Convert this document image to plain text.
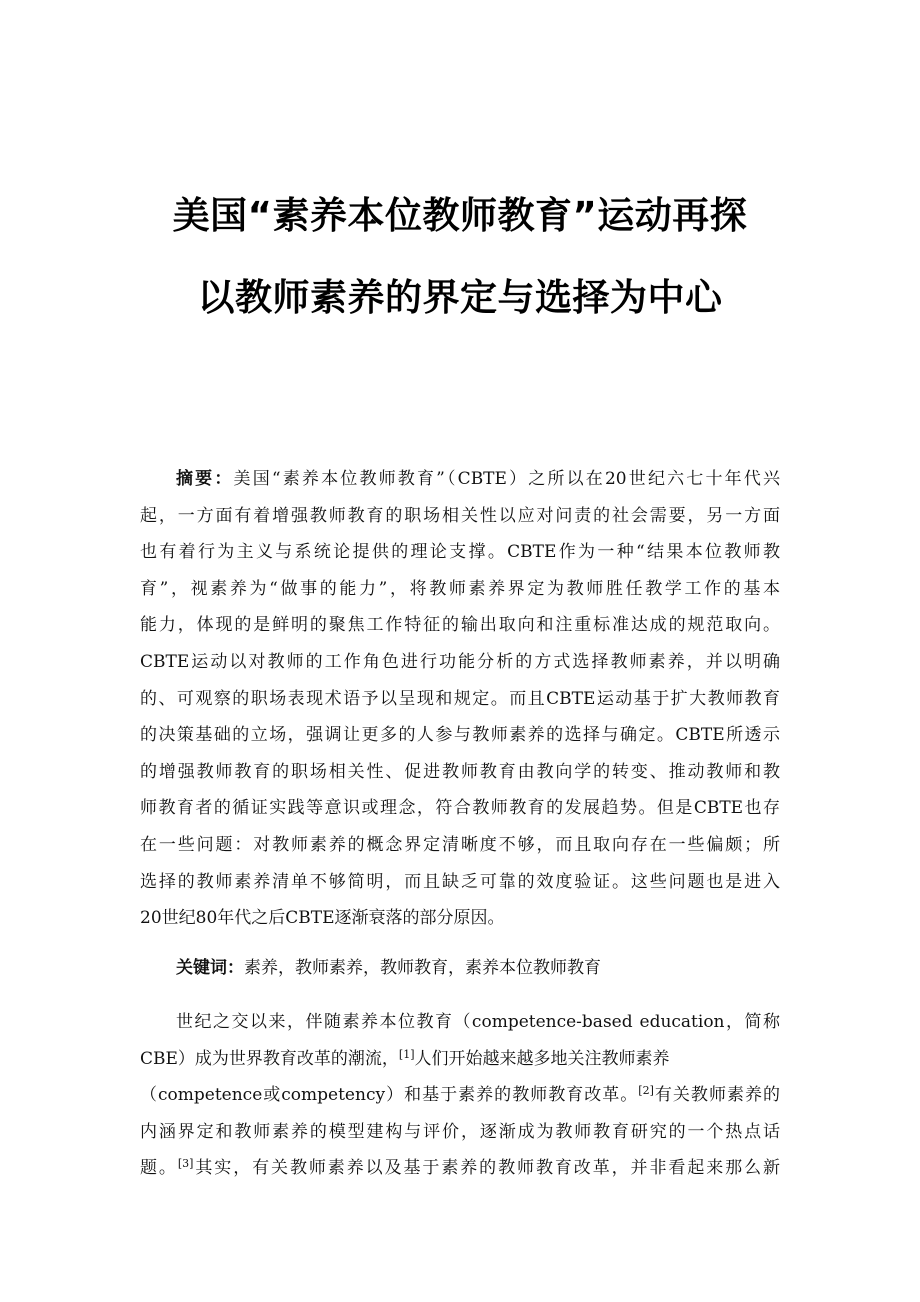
美国“素养本位教师教育”运动再探
以教师素养的界定与选择为中心
摘要：美国“素养本位教师教育”（CBTE）之所以在20世纪六七十年代兴
起，一方面有着增强教师教育的职场相关性以应对问责的社会需要，另一方面
也有着行为主义与系统论提供的理论支撑。CBTE作为一种“结果本位教师教
育”，视素养为“做事的能力”，将教师素养界定为教师胜任教学工作的基本
能力，体现的是鲜明的聚焦工作特征的输出取向和注重标准达成的规范取向。
CBTE运动以对教师的工作角色进行功能分析的方式选择教师素养，并以明确
的、可观察的职场表现术语予以呈现和规定。而且CBTE运动基于扩大教师教育
的决策基础的立场，强调让更多的人参与教师素养的选择与确定。CBTE所透示
的增强教师教育的职场相关性、促进教师教育由教向学的转变、推动教师和教
师教育者的循证实践等意识或理念，符合教师教育的发展趋势。但是CBTE也存
在一些问题：对教师素养的概念界定清晰度不够，而且取向存在一些偏颇；所
选择的教师素养清单不够简明，而且缺乏可靠的效度验证。这些问题也是进入
20世纪80年代之后CBTE逐渐衰落的部分原因。
关键词：素养，教师素养，教师教育，素养本位教师教育
世纪之交以来，伴随素养本位教育（competence-based education，简称
CBE）成为世界教育改革的潮流，[1]人们开始越来越多地关注教师素养
（competence或competency）和基于素养的教师教育改革。[2]有关教师素养的
内涵界定和教师素养的模型建构与评价，逐渐成为教师教育研究的一个热点话
题。[3]其实，有关教师素养以及基于素养的教师教育改革，并非看起来那么新
